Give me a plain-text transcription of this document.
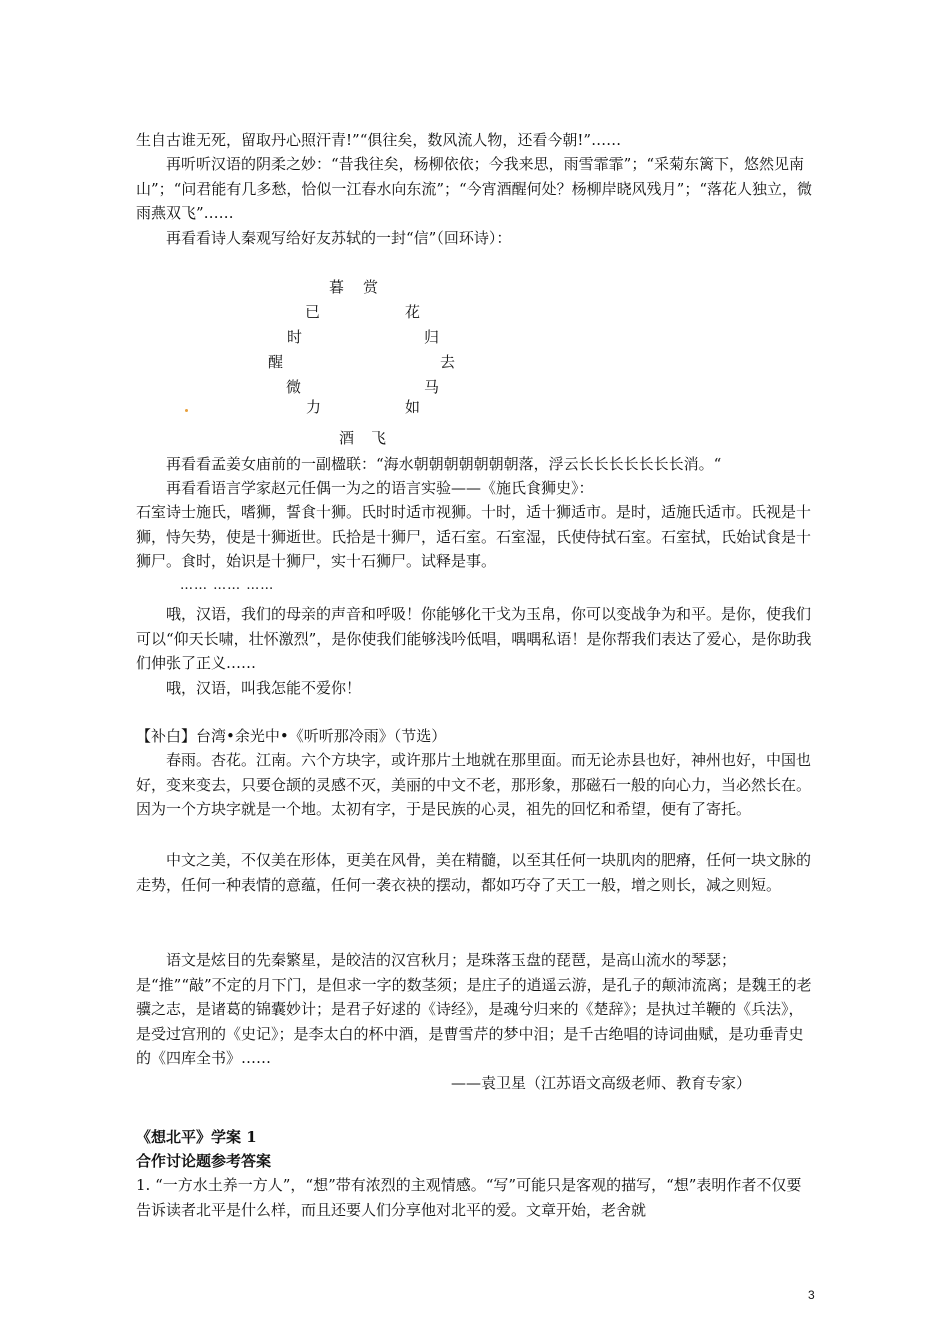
生自古谁无死，留取丹心照汗青!”“俱往矣，数风流人物，还看今朝!”……
再听听汉语的阴柔之妙：“昔我往矣，杨柳依依；今我来思，雨雪霏霏”；“采菊东篱下，悠然见南山”；“问君能有几多愁，恰似一江春水向东流”；“今宵酒醒何处？杨柳岸晓风残月”；“落花人独立，微雨燕双飞”……
再看看诗人秦观写给好友苏轼的一封“信”（回环诗）：
暮 赏
已	花
时	归
醒	去
微	马
力	如
酒 飞
再看看孟姜女庙前的一副楹联：“海水朝朝朝朝朝朝朝落，浮云长长长长长长长消。“
再看看语言学家赵元任偶一为之的语言实验——《施氏食狮史》：
石室诗士施氏，嗜狮，誓食十狮。氏时时适市视狮。十时，适十狮适市。是时，适施氏适市。氏视是十狮，恃矢势，使是十狮逝世。氏拾是十狮尸，适石室。石室湿，氏使侍拭石室。石室拭，氏始试食是十狮尸。食时，始识是十狮尸，实十石狮尸。试释是事。
…… …… ……
哦，汉语，我们的母亲的声音和呼吸！你能够化干戈为玉帛，你可以变战争为和平。是你，使我们可以“仰天长啸，壮怀激烈”，是你使我们能够浅吟低唱，喁喁私语！是你帮我们表达了爱心，是你助我们伸张了正义……
哦，汉语，叫我怎能不爱你！
【补白】台湾•余光中•《听听那冷雨》（节选）
春雨。杏花。江南。六个方块字，或许那片土地就在那里面。而无论赤县也好，神州也好，中国也好，变来变去，只要仓颉的灵感不灭，美丽的中文不老，那形象，那磁石一般的向心力，当必然长在。因为一个方块字就是一个地。太初有字，于是民族的心灵，祖先的回忆和希望，便有了寄托。
中文之美，不仅美在形体，更美在风骨，美在精髓，以至其任何一块肌肉的肥瘠，任何一块文脉的走势，任何一种表情的意蕴，任何一袭衣袂的摆动，都如巧夺了天工一般，增之则长，减之则短。
语文是炫目的先秦繁星，是皎洁的汉宫秋月；是珠落玉盘的琵琶，是高山流水的琴瑟；是“推”“敲”不定的月下门，是但求一字的数茎须；是庄子的逍遥云游，是孔子的颠沛流离；是魏王的老骥之志，是诸葛的锦囊妙计；是君子好逑的《诗经》，是魂兮归来的《楚辞》；是执过羊鞭的《兵法》，是受过宫刑的《史记》；是李太白的杯中酒，是曹雪芹的梦中泪；是千古绝唱的诗词曲赋，是功垂青史的《四库全书》……
——袁卫星（江苏语文高级老师、教育专家）
《想北平》学案 1
合作讨论题参考答案
1. “一方水土养一方人”，“想”带有浓烈的主观情感。“写”可能只是客观的描写，“想”表明作者不仅要告诉读者北平是什么样，而且还要人们分享他对北平的爱。文章开始，老舍就
3
